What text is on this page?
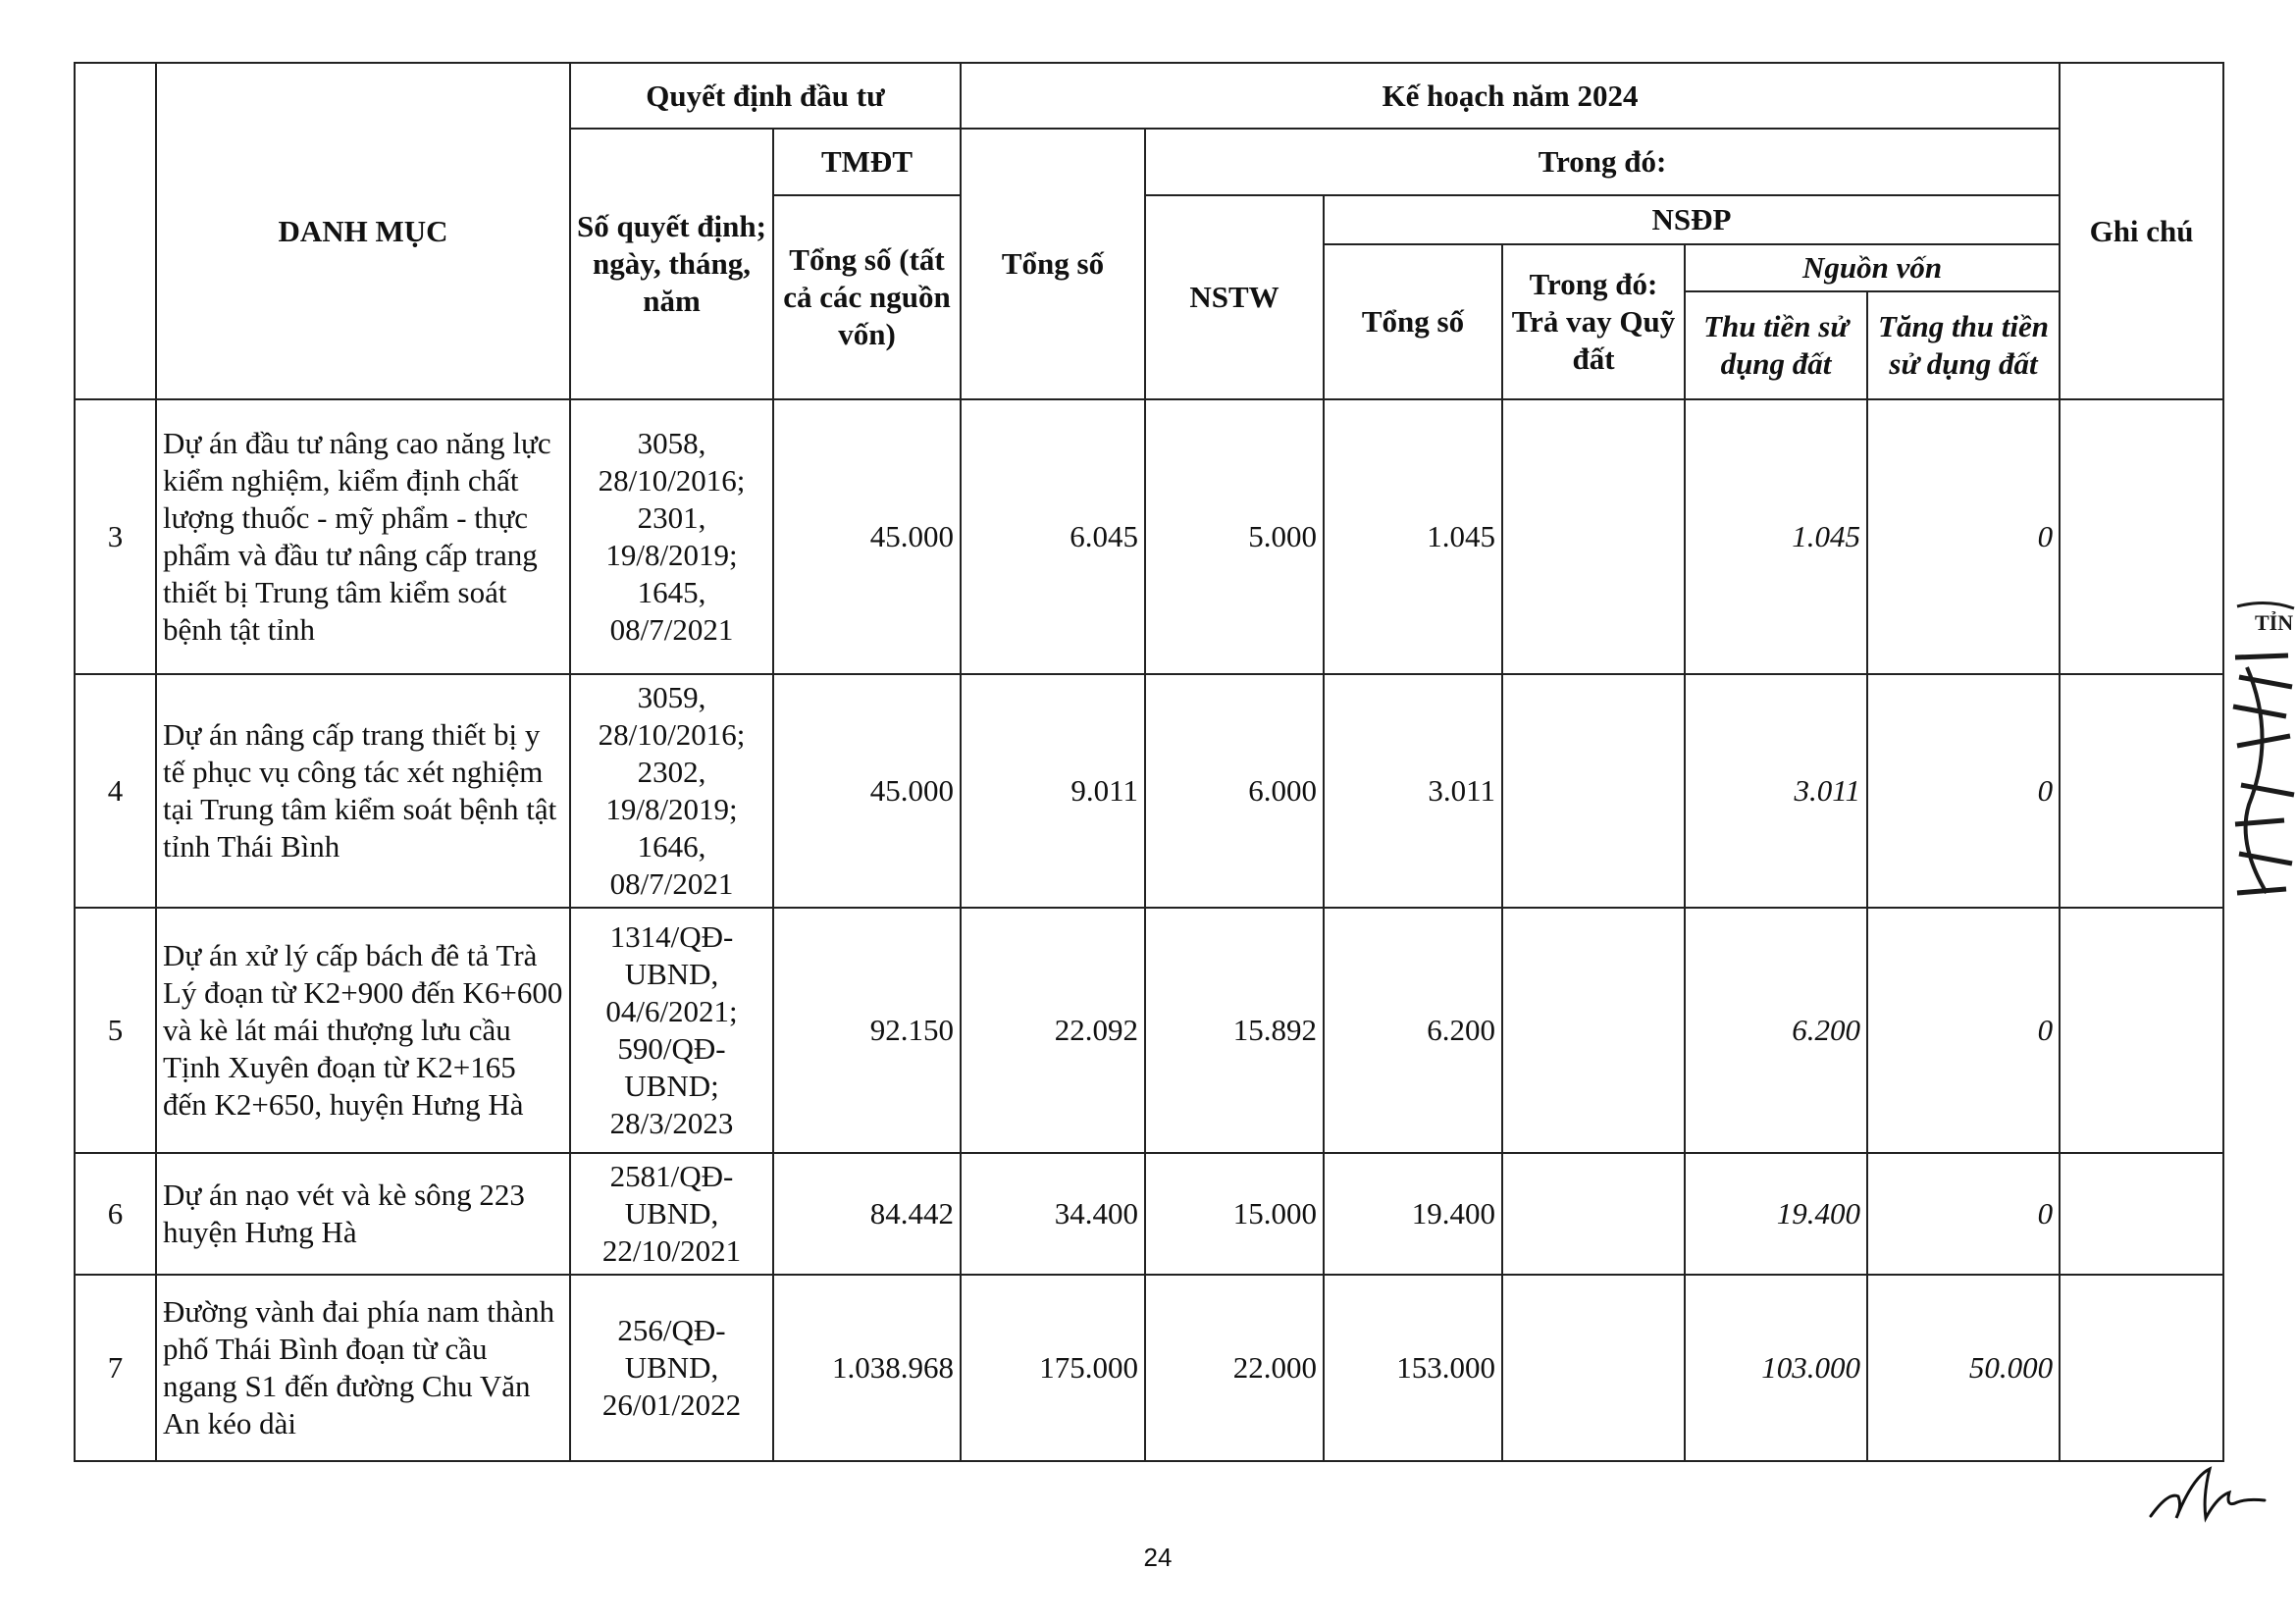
	DANH MỤC	Quyết định đầu tư		Kế hoạch năm 2024						Ghi chú
		Số quyết định; ngày, tháng, năm	TMĐT	Tổng số	Trong đó:					
			Tổng số (tất cả các nguồn vốn)		NSTW	NSĐP				
						Tổng số	Trong đó: Trả vay Quỹ đất	Nguồn vốn		
								Thu tiền sử dụng đất	Tăng thu tiền sử dụng đất	
3	Dự án đầu tư nâng cao năng lực kiểm nghiệm, kiểm định chất lượng thuốc - mỹ phẩm - thực phẩm và đầu tư nâng cấp trang thiết bị Trung tâm kiểm soát bệnh tật tỉnh	3058, 28/10/2016; 2301, 19/8/2019; 1645, 08/7/2021	45.000	6.045	5.000	1.045		1.045	0	
4	Dự án nâng cấp trang thiết bị y tế phục vụ công tác xét nghiệm tại Trung tâm kiểm soát bệnh tật tỉnh Thái Bình	3059, 28/10/2016; 2302, 19/8/2019; 1646, 08/7/2021	45.000	9.011	6.000	3.011		3.011	0	
5	Dự án xử lý cấp bách đê tả Trà Lý đoạn từ K2+900 đến K6+600 và kè lát mái thượng lưu cầu Tịnh Xuyên đoạn từ K2+165 đến K2+650, huyện Hưng Hà	1314/QĐ-UBND, 04/6/2021; 590/QĐ-UBND; 28/3/2023	92.150	22.092	15.892	6.200		6.200	0	
6	Dự án nạo vét và kè sông 223 huyện Hưng Hà	2581/QĐ-UBND, 22/10/2021	84.442	34.400	15.000	19.400		19.400	0	
7	Đường vành đai phía nam thành phố Thái Bình đoạn từ cầu ngang S1 đến đường Chu Văn An kéo dài	256/QĐ-UBND, 26/01/2022	1.038.968	175.000	22.000	153.000		103.000	50.000	
24
TỈN
